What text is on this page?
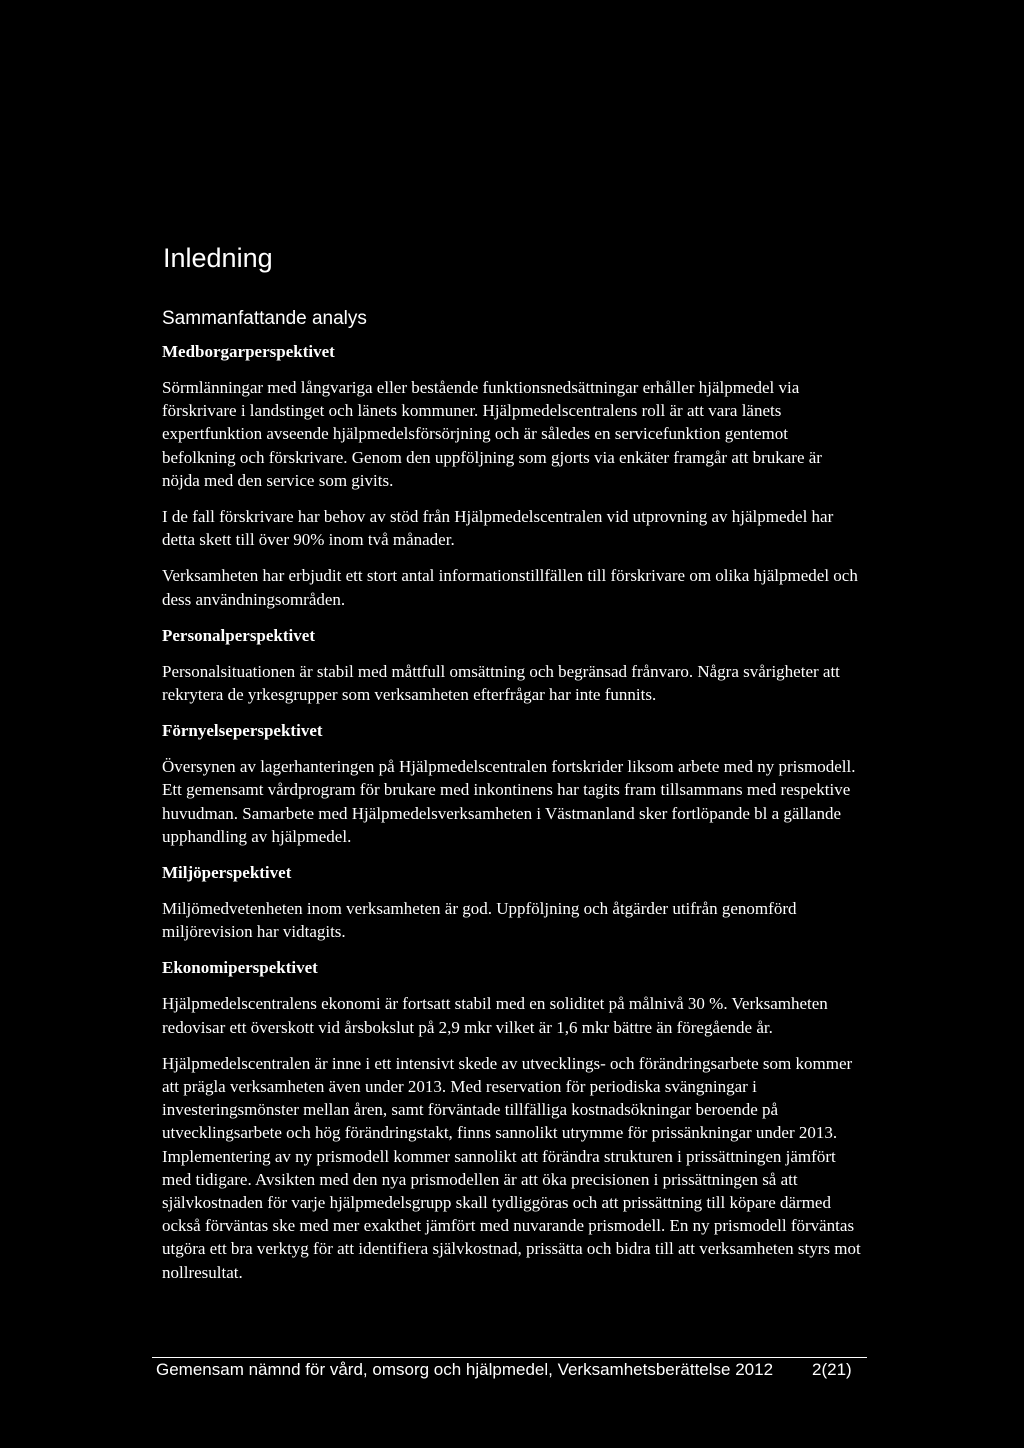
Inledning
Sammanfattande analys
Medborgarperspektivet

Sörmlänningar med långvariga eller bestående funktionsnedsättningar erhåller hjälpmedel via förskrivare i landstinget och länets kommuner. Hjälpmedelscentralens roll är att vara länets expertfunktion avseende hjälpmedelsförsörjning och är således en servicefunktion gentemot befolkning och förskrivare. Genom den uppföljning som gjorts via enkäter framgår att brukare är nöjda med den service som givits.

I de fall förskrivare har behov av stöd från Hjälpmedelscentralen vid utprovning av hjälpmedel har detta skett till över 90% inom två månader.

Verksamheten har erbjudit ett stort antal informationstillfällen till förskrivare om olika hjälpmedel och dess användningsområden.

Personalperspektivet

Personalsituationen är stabil med måttfull omsättning och begränsad frånvaro. Några svårigheter att rekrytera de yrkesgrupper som verksamheten efterfrågar har inte funnits.

Förnyelseperspektivet

Översynen av lagerhanteringen på Hjälpmedelscentralen fortskrider liksom arbete med ny prismodell. Ett gemensamt vårdprogram för brukare med inkontinens har tagits fram tillsammans med respektive huvudman. Samarbete med Hjälpmedelsverksamheten i Västmanland sker fortlöpande bl a gällande upphandling av hjälpmedel.

Miljöperspektivet

Miljömedvetenheten inom verksamheten är god. Uppföljning och åtgärder utifrån genomförd miljörevision har vidtagits.

Ekonomiperspektivet

Hjälpmedelscentralens ekonomi är fortsatt stabil med en soliditet på målnivå 30 %. Verksamheten redovisar ett överskott vid årsbokslut på 2,9 mkr vilket är 1,6 mkr bättre än föregående år.

Hjälpmedelscentralen är inne i ett intensivt skede av utvecklings- och förändringsarbete som kommer att prägla verksamheten även under 2013. Med reservation för periodiska svängningar i investeringsmönster mellan åren, samt förväntade tillfälliga kostnadsökningar beroende på utvecklingsarbete och hög förändringstakt, finns sannolikt utrymme för prissänkningar under 2013. Implementering av ny prismodell kommer sannolikt att förändra strukturen i prissättningen jämfört med tidigare. Avsikten med den nya prismodellen är att öka precisionen i prissättningen så att självkostnaden för varje hjälpmedelsgrupp skall tydliggöras och att prissättning till köpare därmed också förväntas ske med mer exakthet jämfört med nuvarande prismodell. En ny prismodell förväntas utgöra ett bra verktyg för att identifiera självkostnad, prissätta och bidra till att verksamheten styrs mot nollresultat.

Gemensam nämnd för vård, omsorg och hjälpmedel, Verksamhetsberättelse 2012 2(21)
